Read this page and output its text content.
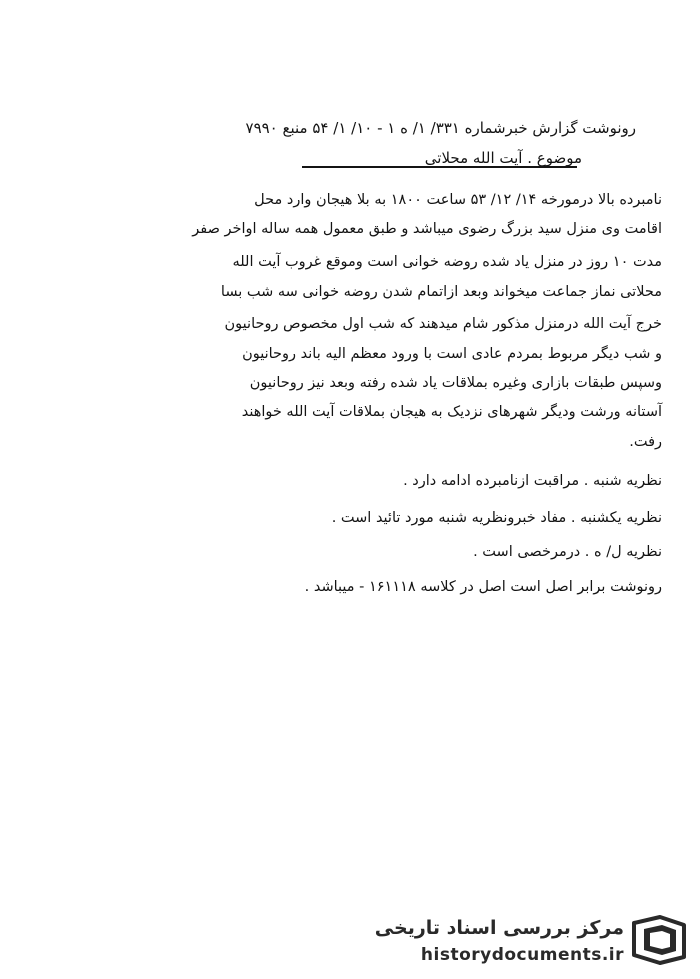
رونوشت گزارش خبرشماره ۳۳۱/ ۱/ ه ۱ - ۱۰/ ۱/ ۵۴ منبع ۷۹۹۰
موضوع . آیت الله محلاتی
نامبرده بالا درمورخه ۱۴/ ۱۲/ ۵۳ ساعت ۱۸۰۰ به بلا هیجان وارد محل
اقامت وی منزل سید بزرگ رضوی میباشد و طبق معمول همه ساله اواخر صفر
مدت ۱۰ روز در منزل یاد شده روضه خوانی است وموقع غروب آیت الله
محلاتی نماز جماعت میخواند وبعد ازاتمام شدن روضه خوانی سه شب بسا
خرج آیت الله درمنزل مذکور شام میدهند که شب اول مخصوص روحانیون
و شب دیگر مربوط بمردم عادی است با ورود معظم الیه باند روحانیون
وسپس طبقات بازاری وغیره بملاقات یاد شده رفته وبعد نیز روحانیون
آستانه ورشت ودیگر شهرهای نزدیک به هیجان بملاقات آیت الله خواهند
رفت.
نظریه شنبه . مراقبت ازنامبرده ادامه دارد .
نظریه یکشنبه . مفاد خبرونظریه شنبه مورد تائید است .
نظریه ل/ ه . درمرخصی است .
رونوشت برابر اصل است اصل در کلاسه ۱۶۱۱۱۸ - میباشد .
مرکز بررسی اسناد تاریخی
historydocuments.ir
